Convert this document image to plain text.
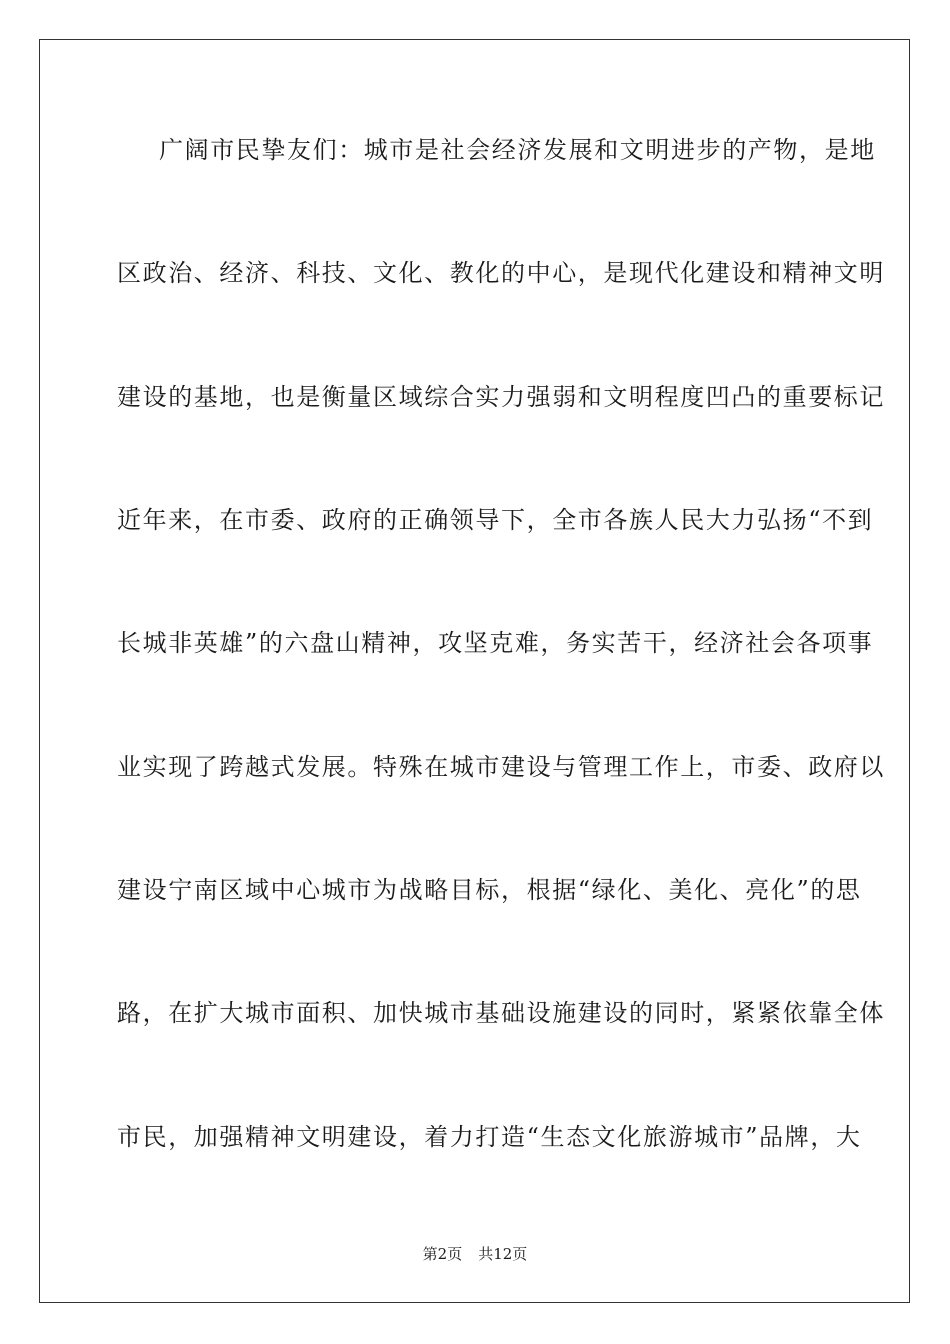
广阔市民挚友们：城市是社会经济发展和文明进步的产物，是地
区政治、经济、科技、文化、教化的中心，是现代化建设和精神文明
建设的基地，也是衡量区域综合实力强弱和文明程度凹凸的重要标记
近年来，在市委、政府的正确领导下，全市各族人民大力弘扬“不到
长城非英雄”的六盘山精神，攻坚克难，务实苦干，经济社会各项事
业实现了跨越式发展。特殊在城市建设与管理工作上，市委、政府以
建设宁南区域中心城市为战略目标，根据“绿化、美化、亮化”的思
路，在扩大城市面积、加快城市基础设施建设的同时，紧紧依靠全体
市民，加强精神文明建设，着力打造“生态文化旅游城市”品牌，大
第2页 共12页
